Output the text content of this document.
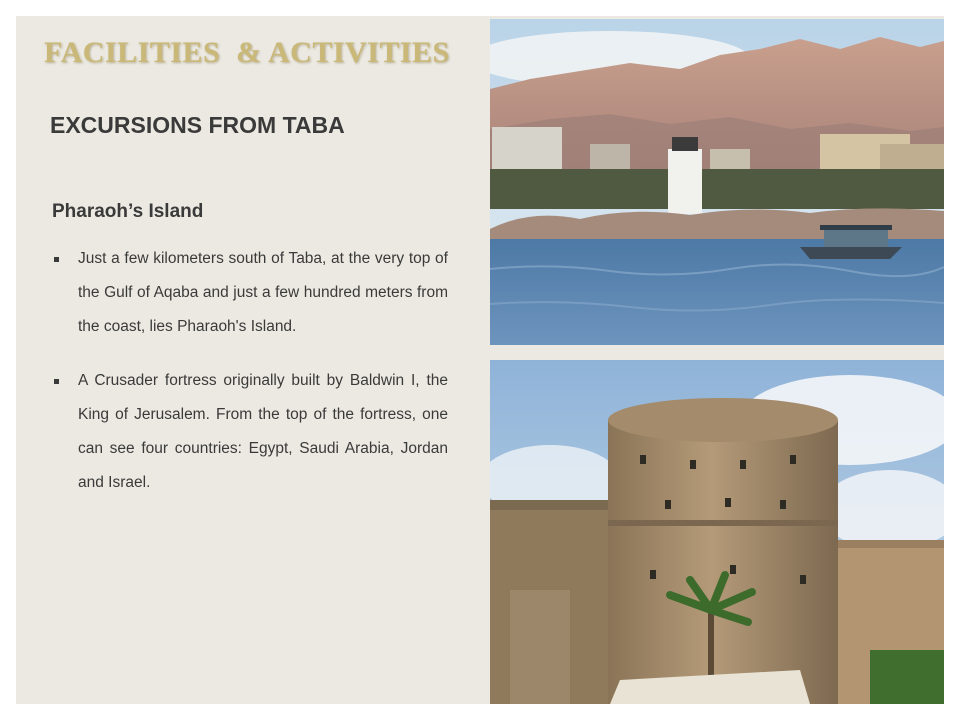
FACILITIES  & ACTIVITIES
EXCURSIONS FROM TABA
Pharaoh’s Island
Just a few kilometers south of Taba, at the very top of the Gulf of Aqaba and just a few hundred meters from the coast, lies Pharaoh's Island.
A Crusader fortress originally built by Baldwin I, the King of Jerusalem. From the top of the fortress, one can see four countries: Egypt, Saudi Arabia, Jordan and Israel.
